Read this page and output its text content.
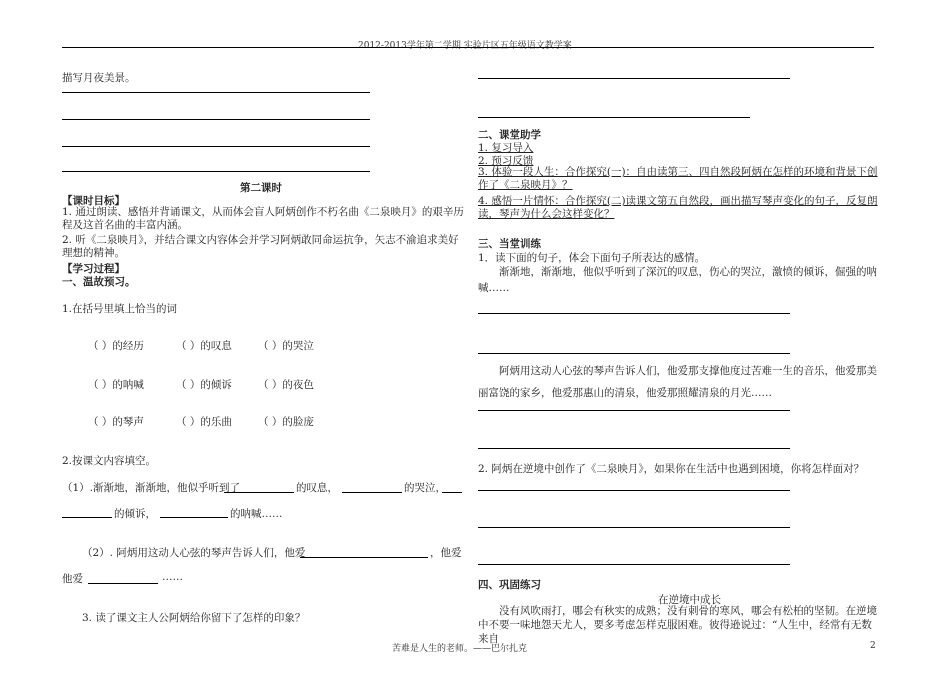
2012-2013学年第二学期 实验片区五年级语文教学案
描写月夜美景。
第二课时
【课时目标】
1. 通过朗读、感悟并背诵课文，从而体会盲人阿炳创作不朽名曲《二泉映月》的艰辛历程及这首名曲的丰富内涵。
2. 听《二泉映月》，并结合课文内容体会并学习阿炳敢同命运抗争，矢志不渝追求美好理想的精神。
【学习过程】
一、温故预习。
1.在括号里填上恰当的词
（ ）的经历	（ ）的叹息 （ ）的哭泣
（ ）的呐喊	（ ）的倾诉 （ ）的夜色
（ ）的琴声	（ ）的乐曲 （ ）的脸庞
2.按课文内容填空。
（1）.渐渐地，渐渐地，他似乎听到了	的叹息，	的哭泣，
的倾诉，	的呐喊……
（2）. 阿炳用这动人心弦的琴声告诉人们，他爱	，他爱
他爱	……
3. 读了课文主人公阿炳给你留下了怎样的印象？
二、课堂助学
1. 复习导入
2. 预习反馈
3. 体验一段人生：合作探究(一)：自由读第三、四自然段阿炳在怎样的环境和背景下创作了《二泉映月》？
4. 感悟一片情怀：合作探究(二)读课文第五自然段，画出描写琴声变化的句子，反复朗读，琴声为什么会这样变化？
三、当堂训练
1．读下面的句子，体会下面句子所表达的感情。
渐渐地，渐渐地，他似乎听到了深沉的叹息，伤心的哭泣，激愤的倾诉，倔强的呐喊……
阿炳用这动人心弦的琴声告诉人们，他爱那支撑他度过苦难一生的音乐，他爱那美丽富饶的家乡，他爱那惠山的清泉，他爱那照耀清泉的月光……
2. 阿炳在逆境中创作了《二泉映月》，如果你在生活中也遇到困境，你将怎样面对？
四、巩固练习
在逆境中成长
没有风吹雨打，哪会有秋实的成熟；没有刺骨的寒风，哪会有松柏的坚韧。在逆境中不要一味地怨天尤人，要多考虑怎样克服困难。彼得逊说过：“人生中，经常有无数来自
苦难是人生的老师。——巴尔扎克	2
